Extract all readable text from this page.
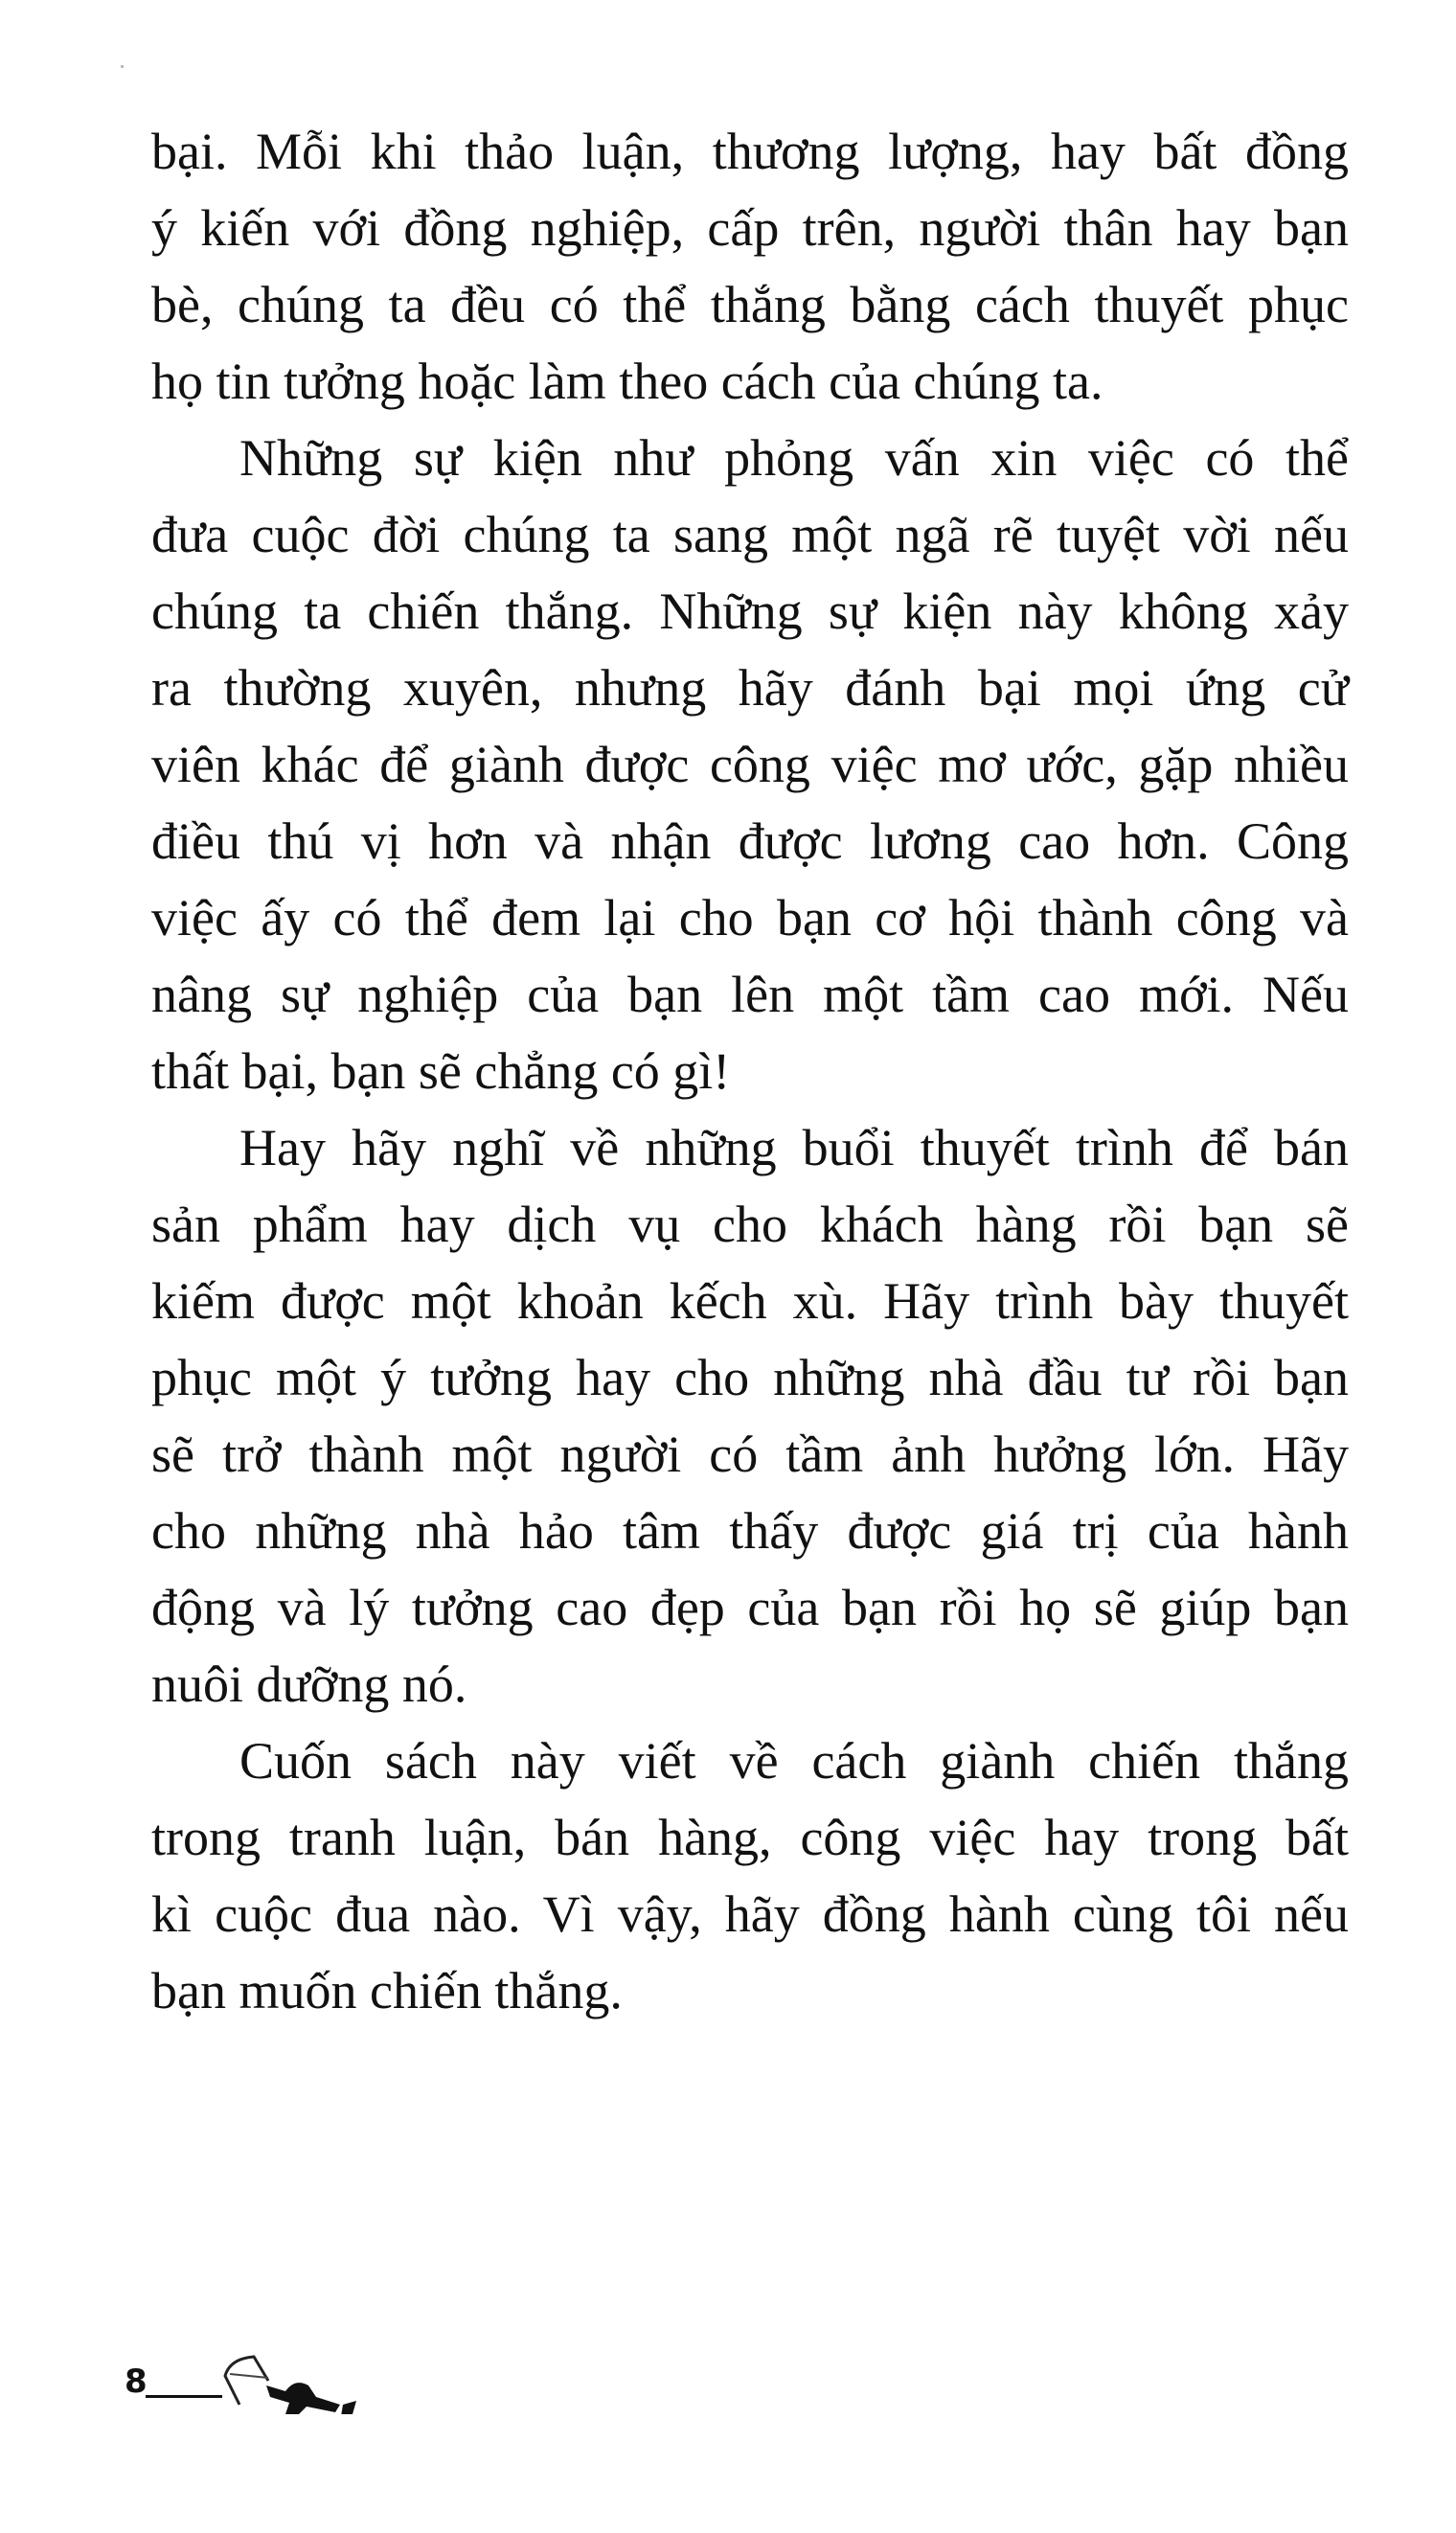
bại. Mỗi khi thảo luận, thương lượng, hay bất đồng
ý kiến với đồng nghiệp, cấp trên, người thân hay bạn
bè, chúng ta đều có thể thắng bằng cách thuyết phục
họ tin tưởng hoặc làm theo cách của chúng ta.
Những sự kiện như phỏng vấn xin việc có thể
đưa cuộc đời chúng ta sang một ngã rẽ tuyệt vời nếu
chúng ta chiến thắng. Những sự kiện này không xảy
ra thường xuyên, nhưng hãy đánh bại mọi ứng cử
viên khác để giành được công việc mơ ước, gặp nhiều
điều thú vị hơn và nhận được lương cao hơn. Công
việc ấy có thể đem lại cho bạn cơ hội thành công và
nâng sự nghiệp của bạn lên một tầm cao mới. Nếu
thất bại, bạn sẽ chẳng có gì!
Hay hãy nghĩ về những buổi thuyết trình để bán
sản phẩm hay dịch vụ cho khách hàng rồi bạn sẽ
kiếm được một khoản kếch xù. Hãy trình bày thuyết
phục một ý tưởng hay cho những nhà đầu tư rồi bạn
sẽ trở thành một người có tầm ảnh hưởng lớn. Hãy
cho những nhà hảo tâm thấy được giá trị của hành
động và lý tưởng cao đẹp của bạn rồi họ sẽ giúp bạn
nuôi dưỡng nó.
Cuốn sách này viết về cách giành chiến thắng
trong tranh luận, bán hàng, công việc hay trong bất
kì cuộc đua nào. Vì vậy, hãy đồng hành cùng tôi nếu
bạn muốn chiến thắng.
8
